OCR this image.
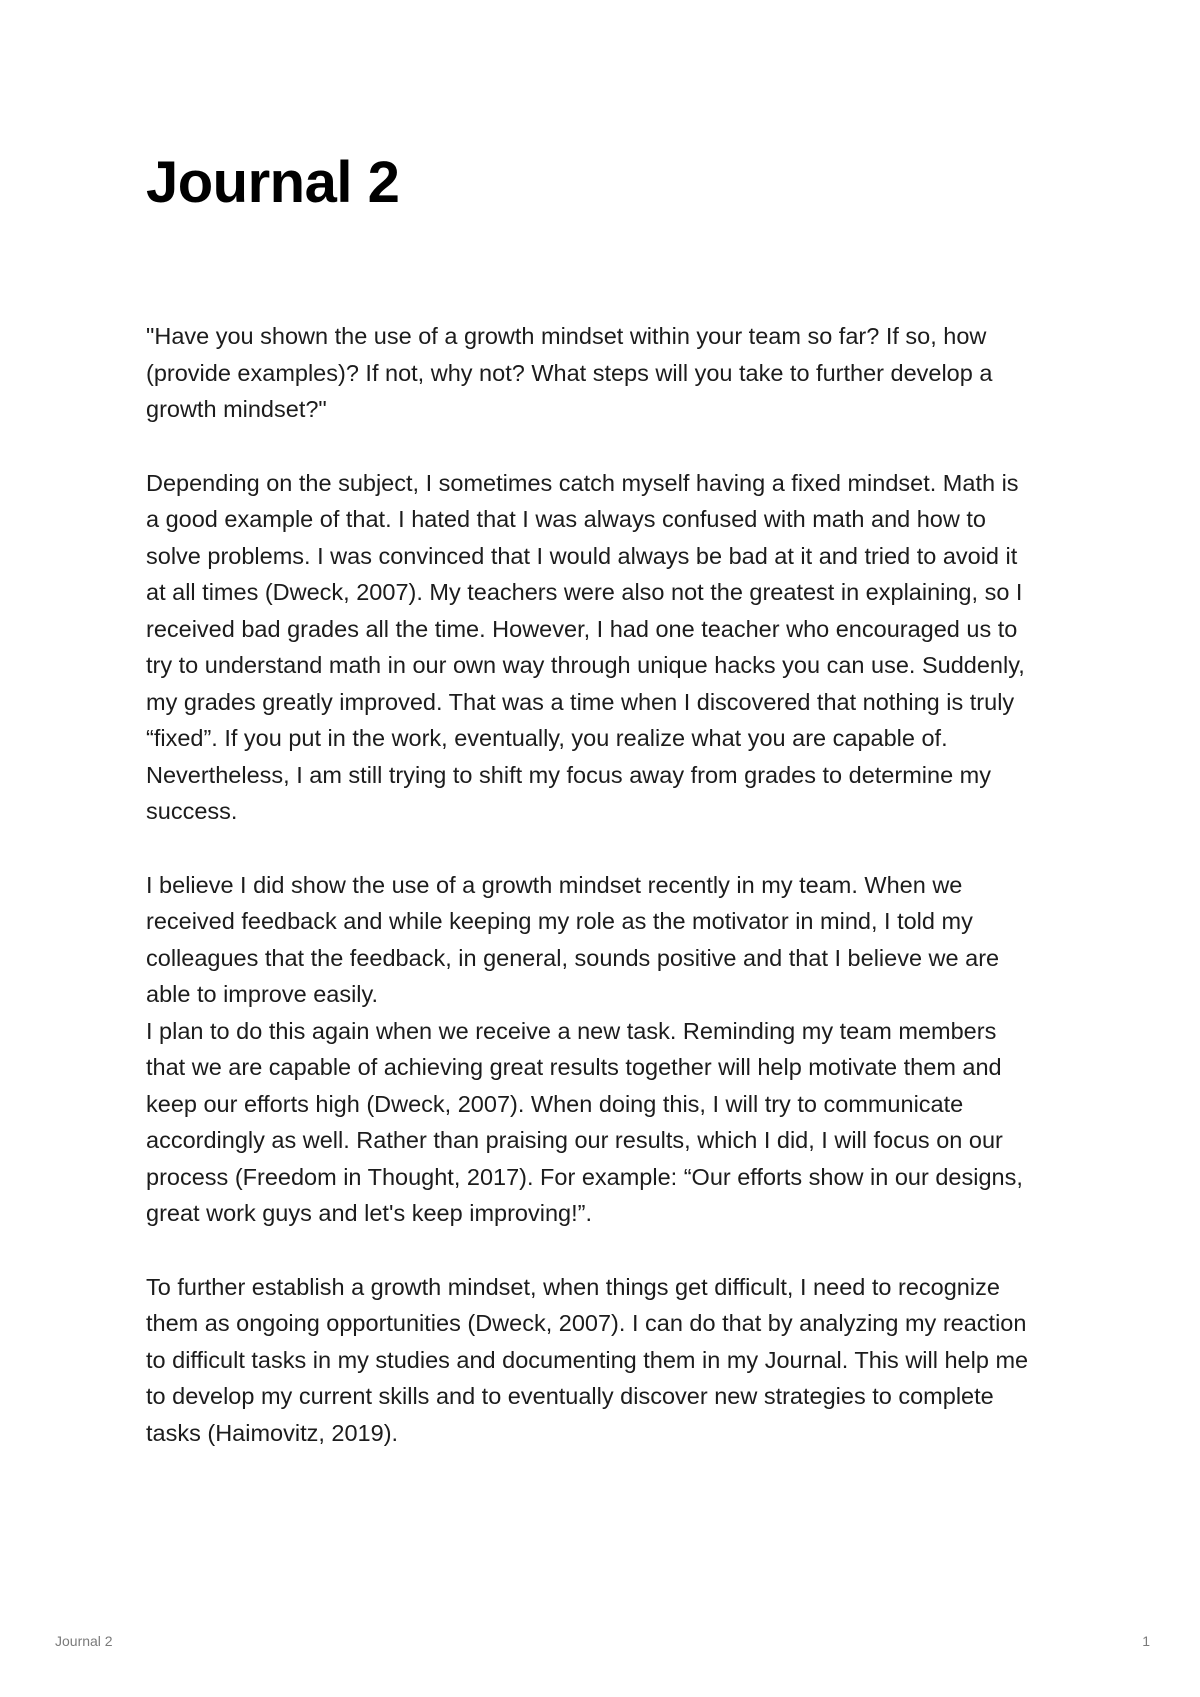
Journal 2

"Have you shown the use of a growth mindset within your team so far? If so, how
(provide examples)? If not, why not? What steps will you take to further develop a
growth mindset?"

Depending on the subject, I sometimes catch myself having a fixed mindset. Math is
a good example of that. I hated that I was always confused with math and how to
solve problems. I was convinced that I would always be bad at it and tried to avoid it
at all times (Dweck, 2007). My teachers were also not the greatest in explaining, so I
received bad grades all the time. However, I had one teacher who encouraged us to
try to understand math in our own way through unique hacks you can use. Suddenly,
my grades greatly improved. That was a time when I discovered that nothing is truly
“fixed”. If you put in the work, eventually, you realize what you are capable of.
Nevertheless, I am still trying to shift my focus away from grades to determine my
success.

I believe I did show the use of a growth mindset recently in my team. When we
received feedback and while keeping my role as the motivator in mind, I told my
colleagues that the feedback, in general, sounds positive and that I believe we are
able to improve easily.
I plan to do this again when we receive a new task. Reminding my team members
that we are capable of achieving great results together will help motivate them and
keep our efforts high (Dweck, 2007). When doing this, I will try to communicate
accordingly as well. Rather than praising our results, which I did, I will focus on our
process (Freedom in Thought, 2017). For example: “Our efforts show in our designs,
great work guys and let's keep improving!”.

To further establish a growth mindset, when things get difficult, I need to recognize
them as ongoing opportunities (Dweck, 2007). I can do that by analyzing my reaction
to difficult tasks in my studies and documenting them in my Journal. This will help me
to develop my current skills and to eventually discover new strategies to complete
tasks (Haimovitz, 2019).

Journal 2	1
